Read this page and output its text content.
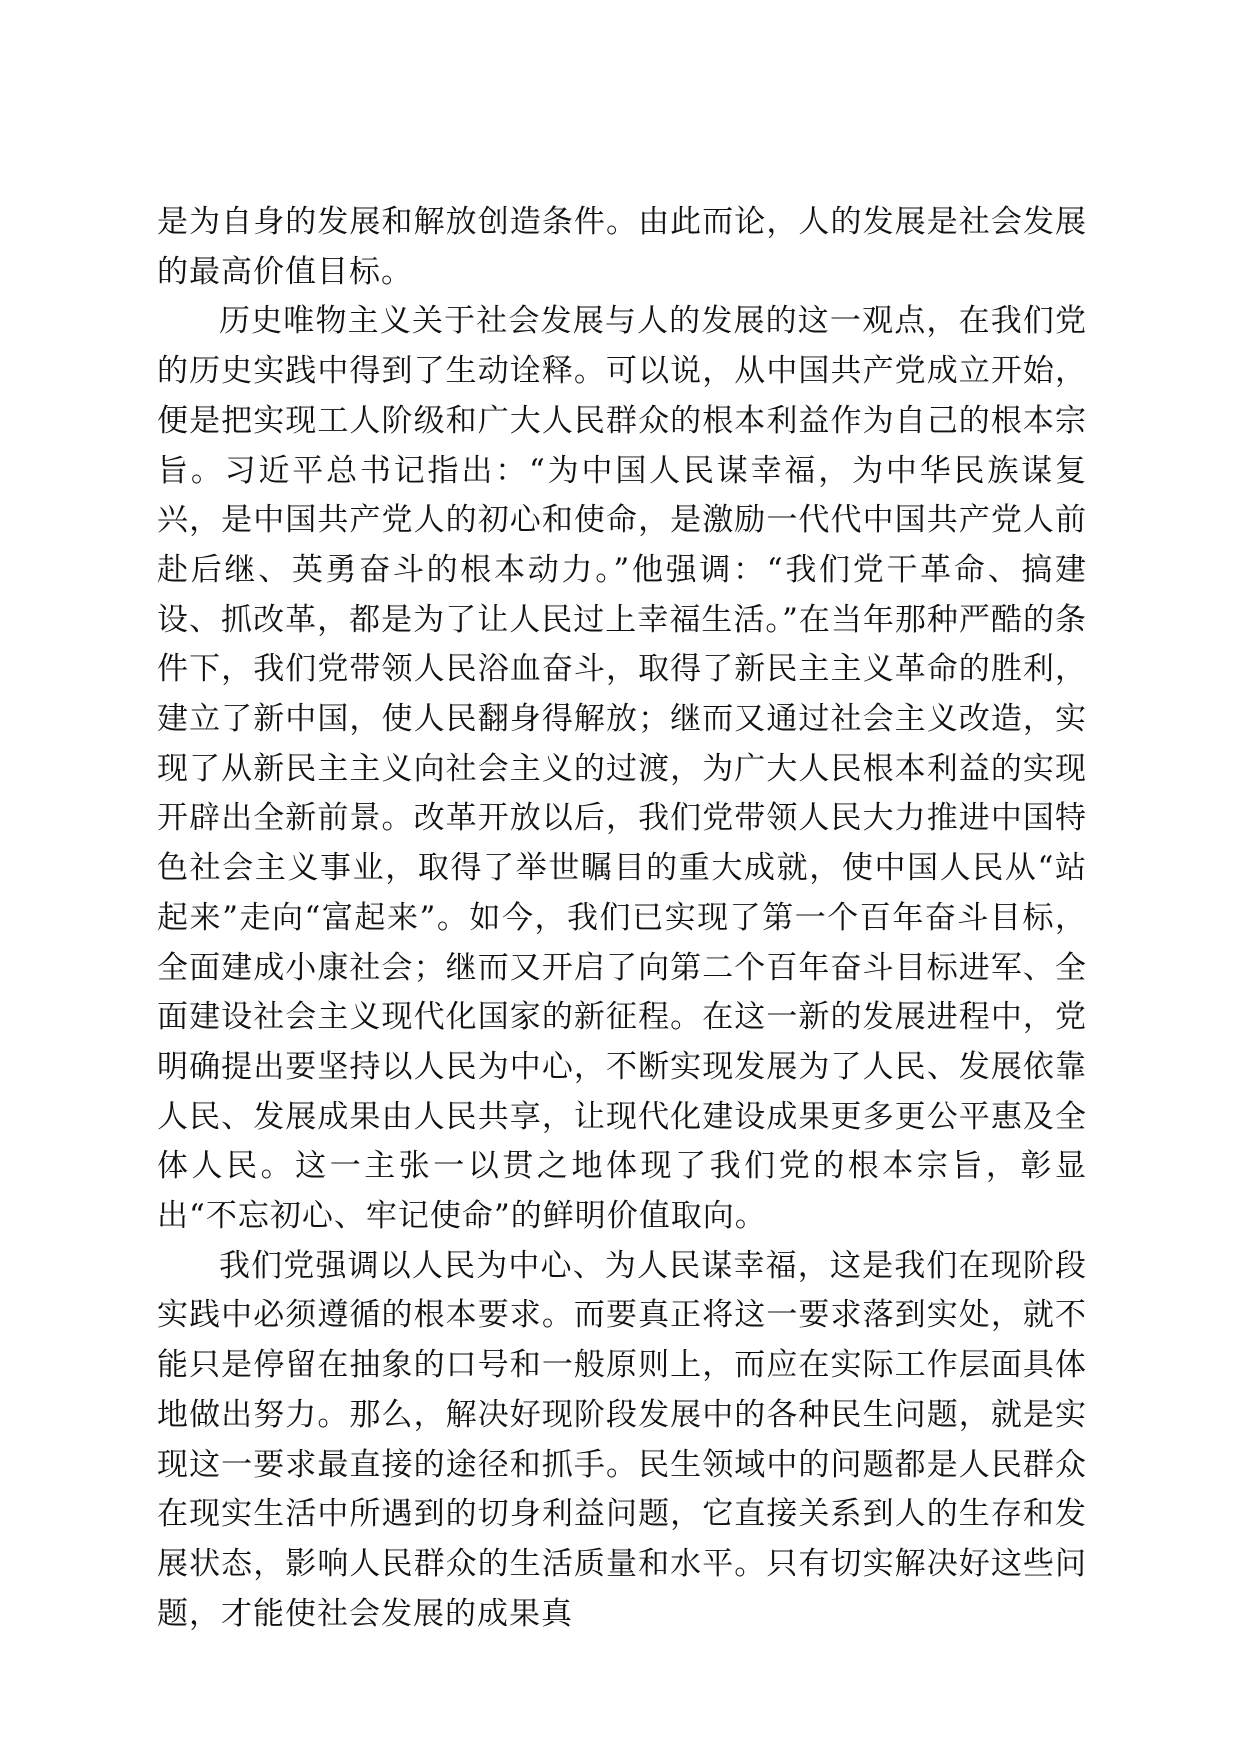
是为自身的发展和解放创造条件。由此而论，人的发展是社会发展的最高价值目标。

历史唯物主义关于社会发展与人的发展的这一观点，在我们党的历史实践中得到了生动诠释。可以说，从中国共产党成立开始，便是把实现工人阶级和广大人民群众的根本利益作为自己的根本宗旨。习近平总书记指出：“为中国人民谋幸福，为中华民族谋复兴，是中国共产党人的初心和使命，是激励一代代中国共产党人前赴后继、英勇奋斗的根本动力。”他强调：“我们党干革命、搞建设、抓改革，都是为了让人民过上幸福生活。”在当年那种严酷的条件下，我们党带领人民浴血奋斗，取得了新民主主义革命的胜利，建立了新中国，使人民翻身得解放；继而又通过社会主义改造，实现了从新民主主义向社会主义的过渡，为广大人民根本利益的实现开辟出全新前景。改革开放以后，我们党带领人民大力推进中国特色社会主义事业，取得了举世瞩目的重大成就，使中国人民从“站起来”走向“富起来”。如今，我们已实现了第一个百年奋斗目标，全面建成小康社会；继而又开启了向第二个百年奋斗目标进军、全面建设社会主义现代化国家的新征程。在这一新的发展进程中，党明确提出要坚持以人民为中心，不断实现发展为了人民、发展依靠人民、发展成果由人民共享，让现代化建设成果更多更公平惠及全体人民。这一主张一以贯之地体现了我们党的根本宗旨，彰显出“不忘初心、牢记使命”的鲜明价值取向。

我们党强调以人民为中心、为人民谋幸福，这是我们在现阶段实践中必须遵循的根本要求。而要真正将这一要求落到实处，就不能只是停留在抽象的口号和一般原则上，而应在实际工作层面具体地做出努力。那么，解决好现阶段发展中的各种民生问题，就是实现这一要求最直接的途径和抓手。民生领域中的问题都是人民群众在现实生活中所遇到的切身利益问题，它直接关系到人的生存和发展状态，影响人民群众的生活质量和水平。只有切实解决好这些问题，才能使社会发展的成果真
